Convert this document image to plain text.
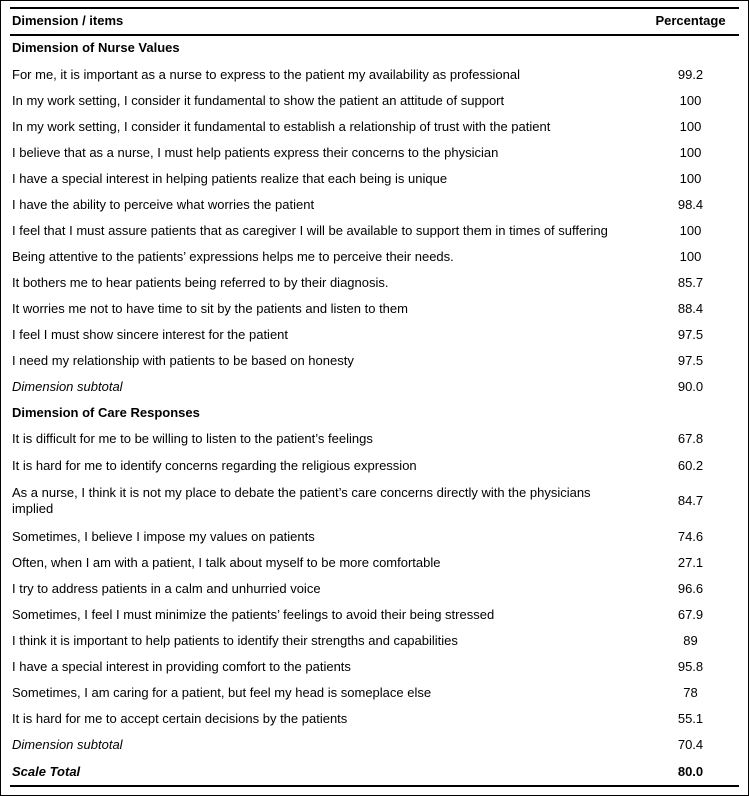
Dimension / items	Percentage
Dimension of Nurse Values	
For me, it is important as a nurse to express to the patient my availability as professional	99.2
In my work setting, I consider it fundamental to show the patient an attitude of support	100
In my work setting, I consider it fundamental to establish a relationship of trust with the patient	100
I believe that as a nurse, I must help patients express their concerns to the physician	100
I have a special interest in helping patients realize that each being is unique	100
I have the ability to perceive what worries the patient	98.4
I feel that I must assure patients that as caregiver I will be available to support them in times of suffering	100
Being attentive to the patients’ expressions helps me to perceive their needs.	100
It bothers me to hear patients being referred to by their diagnosis.	85.7
It worries me not to have time to sit by the patients and listen to them	88.4
I feel I must show sincere interest for the patient	97.5
I need my relationship with patients to be based on honesty	97.5
Dimension subtotal	90.0
Dimension of Care Responses	
It is difficult for me to be willing to listen to the patient’s feelings	67.8
It is hard for me to identify concerns regarding the religious expression	60.2
As a nurse, I think it is not my place to debate the patient’s care concerns directly with the physicians implied	84.7
Sometimes, I believe I impose my values on patients	74.6
Often, when I am with a patient, I talk about myself to be more comfortable	27.1
I try to address patients in a calm and unhurried voice	96.6
Sometimes, I feel I must minimize the patients’ feelings to avoid their being stressed	67.9
I think it is important to help patients to identify their strengths and capabilities	89
I have a special interest in providing comfort to the patients	95.8
Sometimes, I am caring for a patient, but feel my head is someplace else	78
It is hard for me to accept certain decisions by the patients	55.1
Dimension subtotal	70.4
Scale Total	80.0
